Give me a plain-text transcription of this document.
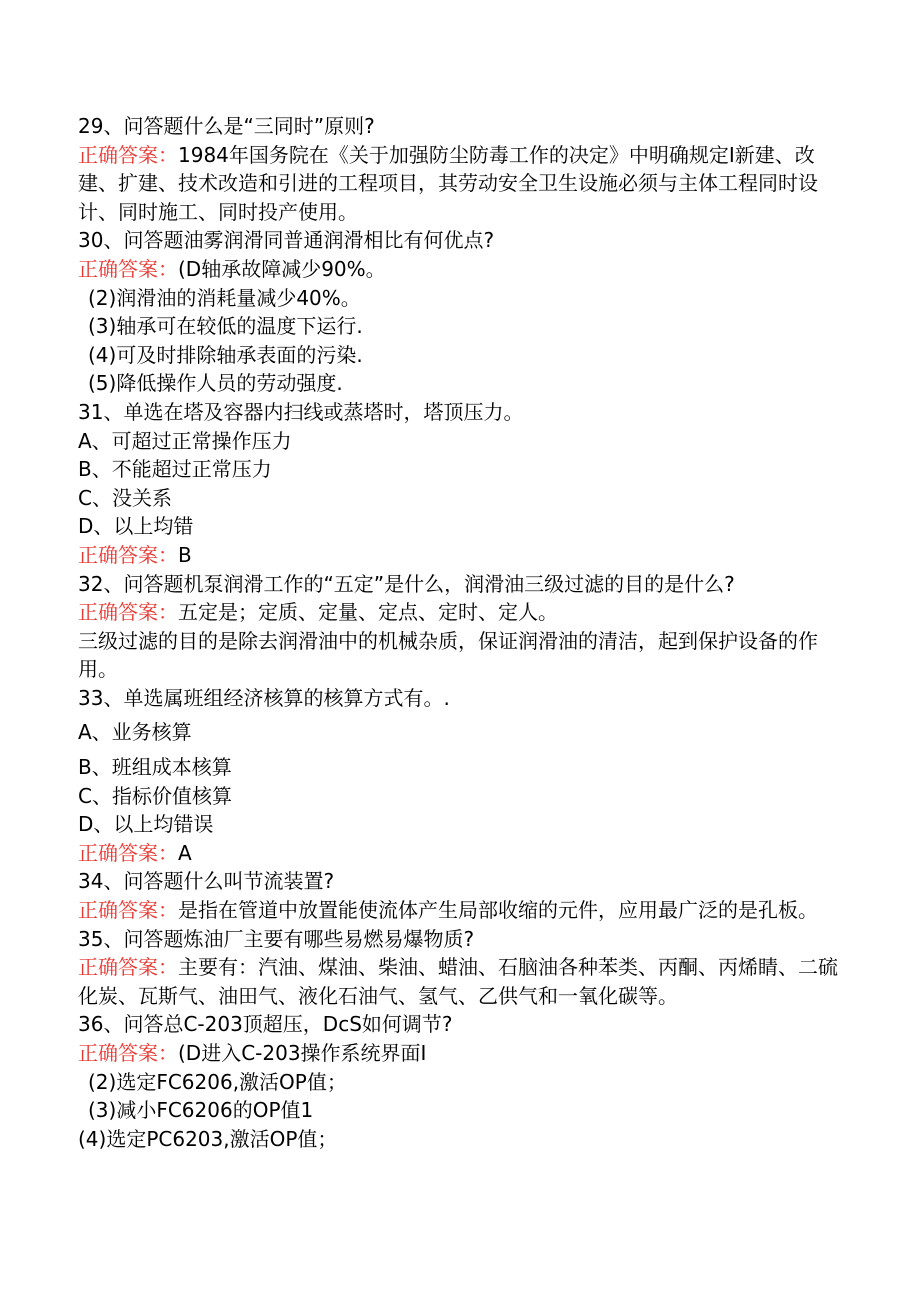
29、问答题什么是“三同时”原则?
正确答案：1984年国务院在《关于加强防尘防毒工作的决定》中明确规定I新建、改建、扩建、技术改造和引进的工程项目，其劳动安全卫生设施必须与主体工程同时设计、同时施工、同时投产使用。
30、问答题油雾润滑同普通润滑相比有何优点?
正确答案：(D轴承故障减少90%。
(2)润滑油的消耗量减少40%。
(3)轴承可在较低的温度下运行.
(4)可及时排除轴承表面的污染.
(5)降低操作人员的劳动强度.
31、单选在塔及容器内扫线或蒸塔时，塔顶压力。
A、可超过正常操作压力
B、不能超过正常压力
C、没关系
D、以上均错
正确答案：B
32、问答题机泵润滑工作的“五定”是什么，润滑油三级过滤的目的是什么?
正确答案：五定是；定质、定量、定点、定时、定人。
三级过滤的目的是除去润滑油中的机械杂质，保证润滑油的清洁，起到保护设备的作用。
33、单选属班组经济核算的核算方式有。.
A、业务核算
B、班组成本核算
C、指标价值核算
D、以上均错误
正确答案：A
34、问答题什么叫节流装置?
正确答案：是指在管道中放置能使流体产生局部收缩的元件，应用最广泛的是孔板。
35、问答题炼油厂主要有哪些易燃易爆物质?
正确答案：主要有：汽油、煤油、柴油、蜡油、石脑油各种苯类、丙酮、丙烯睛、二硫化炭、瓦斯气、油田气、液化石油气、氢气、乙供气和一氧化碳等。
36、问答总C-203顶超压，DcS如何调节?
正确答案：(D进入C-203操作系统界面I
(2)选定FC6206,激活OP值；
(3)减小FC6206的OP值1
(4)选定PC6203,激活OP值；
